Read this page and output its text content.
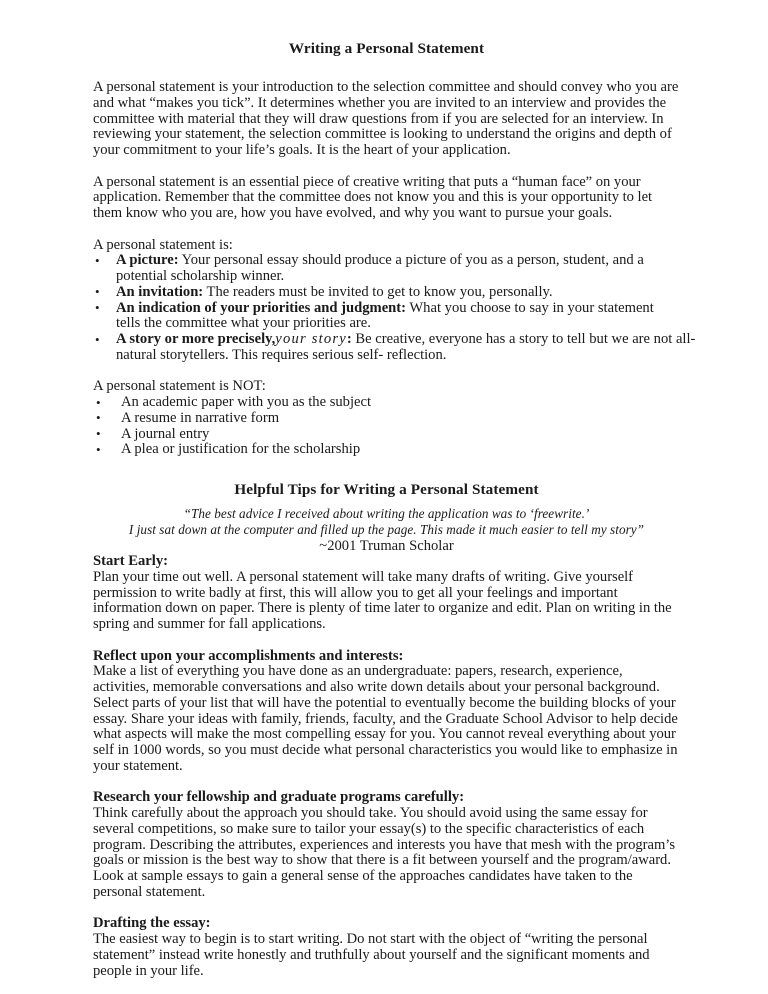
Writing a Personal Statement

A personal statement is your introduction to the selection committee and should convey who you are and what “makes you tick”. It determines whether you are invited to an interview and provides the committee with material that they will draw questions from if you are selected for an interview. In reviewing your statement, the selection committee is looking to understand the origins and depth of your commitment to your life’s goals. It is the heart of your application.

A personal statement is an essential piece of creative writing that puts a “human face” on your application. Remember that the committee does not know you and this is your opportunity to let them know who you are, how you have evolved, and why you want to pursue your goals.

A personal statement is:

• A picture: Your personal essay should produce a picture of you as a person, student, and a potential scholarship winner.
• An invitation: The readers must be invited to get to know you, personally.
• An indication of your priorities and judgment: What you choose to say in your statement tells the committee what your priorities are.
• A story or more precisely,your story: Be creative, everyone has a story to tell but we are not all-natural storytellers. This requires serious self- reflection.

A personal statement is NOT:

• An academic paper with you as the subject
• A resume in narrative form
• A journal entry
• A plea or justification for the scholarship
Helpful Tips for Writing a Personal Statement
“The best advice I received about writing the application was to ‘freewrite.’
I just sat down at the computer and filled up the page. This made it much easier to tell my story”
~2001 Truman Scholar
Start Early:

Plan your time out well. A personal statement will take many drafts of writing. Give yourself permission to write badly at first, this will allow you to get all your feelings and important information down on paper. There is plenty of time later to organize and edit. Plan on writing in the spring and summer for fall applications.

Reflect upon your accomplishments and interests:

Make a list of everything you have done as an undergraduate: papers, research, experience, activities, memorable conversations and also write down details about your personal background. Select parts of your list that will have the potential to eventually become the building blocks of your essay. Share your ideas with family, friends, faculty, and the Graduate School Advisor to help decide what aspects will make the most compelling essay for you. You cannot reveal everything about your self in 1000 words, so you must decide what personal characteristics you would like to emphasize in your statement.

Research your fellowship and graduate programs carefully:

Think carefully about the approach you should take. You should avoid using the same essay for several competitions, so make sure to tailor your essay(s) to the specific characteristics of each program. Describing the attributes, experiences and interests you have that mesh with the program’s goals or mission is the best way to show that there is a fit between yourself and the program/award. Look at sample essays to gain a general sense of the approaches candidates have taken to the personal statement.

Drafting the essay:

The easiest way to begin is to start writing. Do not start with the object of “writing the personal statement” instead write honestly and truthfully about yourself and the significant moments and people in your life.
